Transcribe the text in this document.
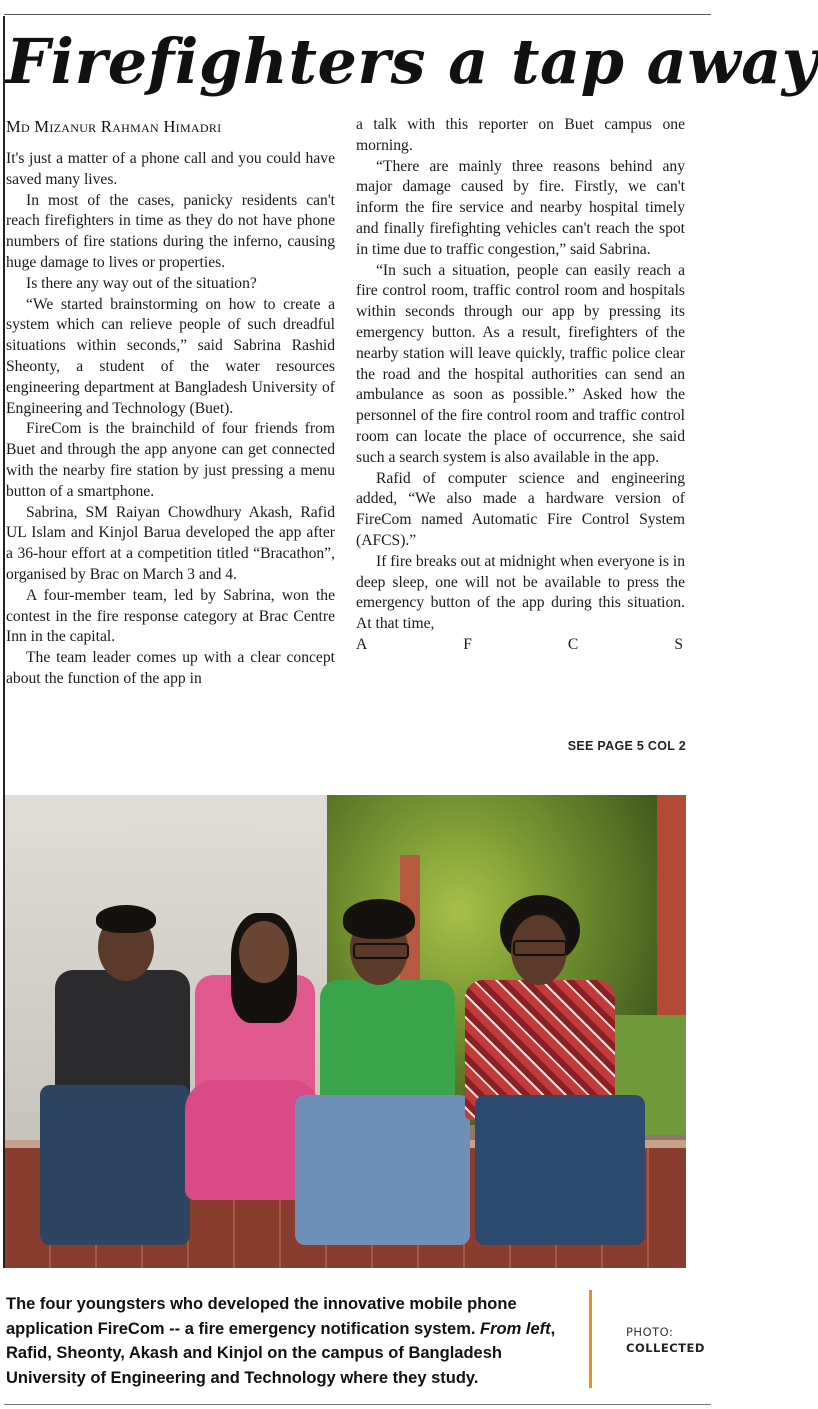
Firefighters a tap away
Md Mizanur Rahman Himadri

It's just a matter of a phone call and you could have saved many lives.

In most of the cases, panicky residents can't reach firefighters in time as they do not have phone numbers of fire stations during the inferno, causing huge damage to lives or properties.

Is there any way out of the situation?

“We started brainstorming on how to create a system which can relieve people of such dreadful situations within seconds,” said Sabrina Rashid Sheonty, a student of the water resources engineering department at Bangladesh University of Engineering and Technology (Buet).

FireCom is the brainchild of four friends from Buet and through the app anyone can get connected with the nearby fire station by just pressing a menu button of a smartphone.

Sabrina, SM Raiyan Chowdhury Akash, Rafid UL Islam and Kinjol Barua developed the app after a 36-hour effort at a competition titled “Bracathon”, organised by Brac on March 3 and 4.

A four-member team, led by Sabrina, won the contest in the fire response category at Brac Centre Inn in the capital.

The team leader comes up with a clear concept about the function of the app in

a talk with this reporter on Buet campus one morning.

“There are mainly three reasons behind any major damage caused by fire. Firstly, we can't inform the fire service and nearby hospital timely and finally firefighting vehicles can't reach the spot in time due to traffic congestion,” said Sabrina.

“In such a situation, people can easily reach a fire control room, traffic control room and hospitals within seconds through our app by pressing its emergency button. As a result, firefighters of the nearby station will leave quickly, traffic police clear the road and the hospital authorities can send an ambulance as soon as possible.” Asked how the personnel of the fire control room and traffic control room can locate the place of occurrence, she said such a search system is also available in the app.

Rafid of computer science and engineering added, “We also made a hardware version of FireCom named Automatic Fire Control System (AFCS).”

If fire breaks out at midnight when everyone is in deep sleep, one will not be available to press the emergency button of the app during this situation. At that time,

A	F	C	S

SEE PAGE 5 COL 2
The four youngsters who developed the innovative mobile phone application FireCom -- a fire emergency notification system. From left, Rafid, Sheonty, Akash and Kinjol on the campus of Bangladesh University of Engineering and Technology where they study.
PHOTO:
COLLECTED
